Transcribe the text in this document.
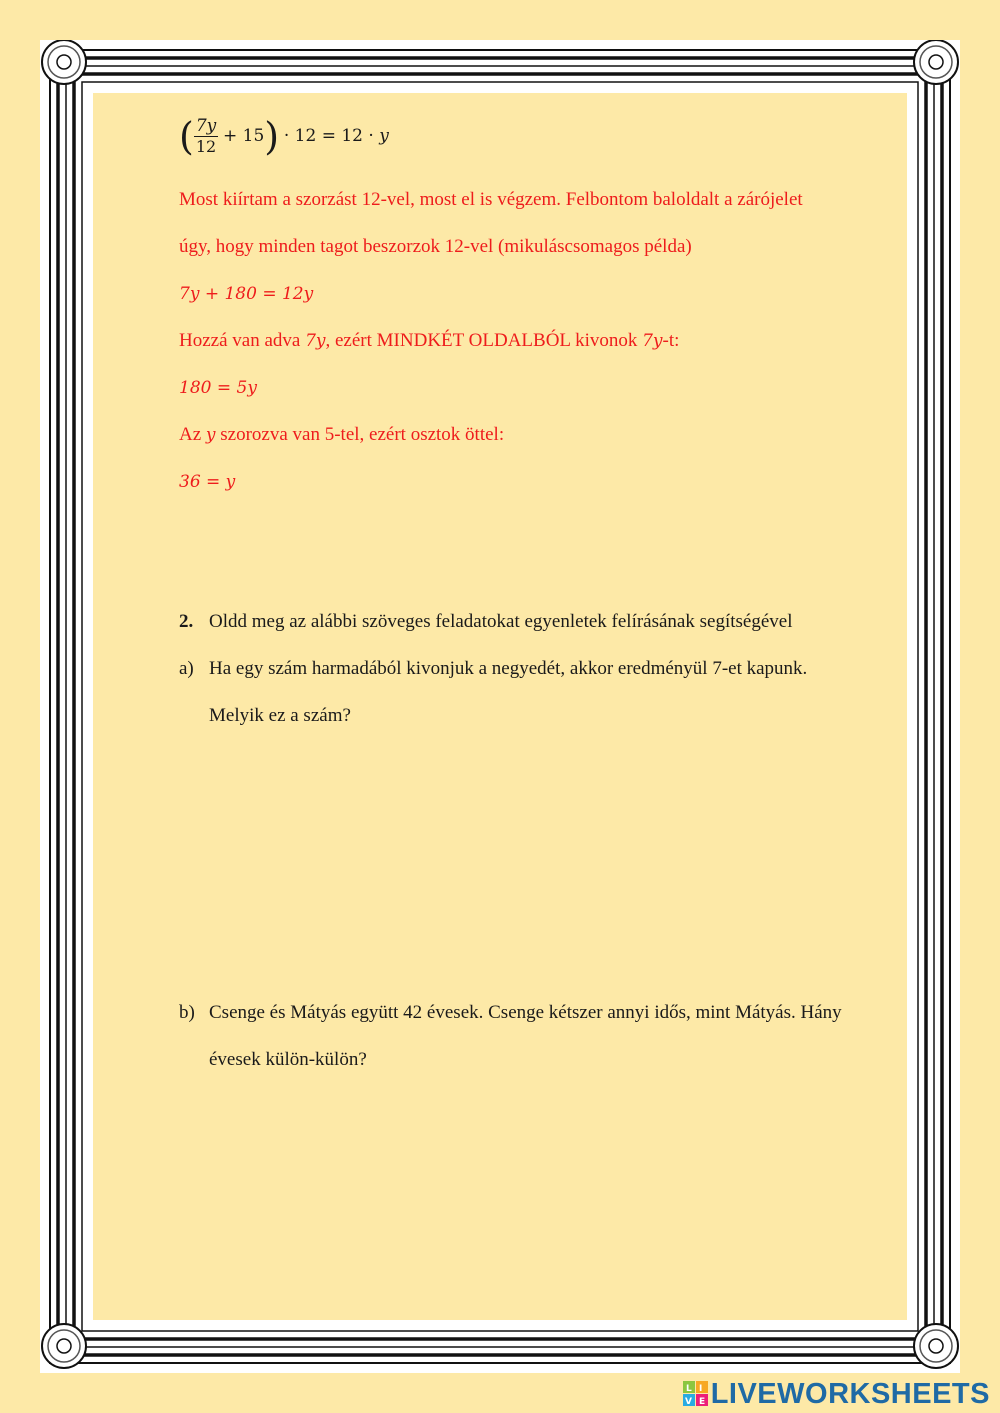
( $\frac{7y}{12} + 15) \cdot 12 = 12 \cdot y$
Most kiírtam a szorzást 12-vel, most el is végzem. Felbontom baloldalt a zárójelet
úgy, hogy minden tagot beszorzok 12-vel (mikuláscsomagos példa)
7y + 180 = 12y
Hozzá van adva 7y, ezért MINDKÉT OLDALBÓL kivonok 7y-t:
180 = 5y
Az y szorozva van 5-tel, ezért osztok öttel:
36 = y
2. Oldd meg az alábbi szöveges feladatokat egyenletek felírásának segítségével
a) Ha egy szám harmadából kivonjuk a negyedét, akkor eredményül 7-et kapunk.
Melyik ez a szám?
b) Csenge és Mátyás együtt 42 évesek. Csenge kétszer annyi idős, mint Mátyás. Hány
évesek külön-külön?
L I
V E LIVEWORKSHEETS
